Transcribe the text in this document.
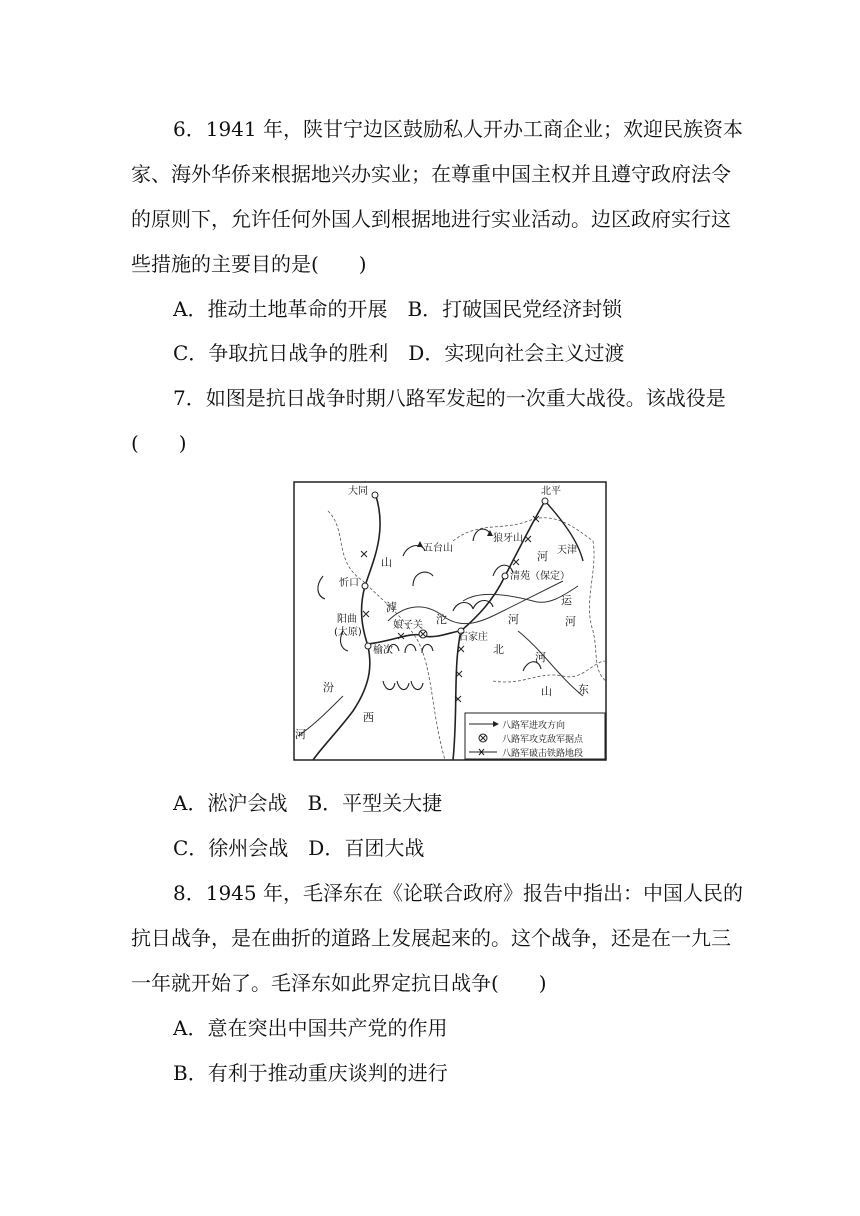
6．1941 年，陕甘宁边区鼓励私人开办工商企业；欢迎民族资本
家、海外华侨来根据地兴办实业；在尊重中国主权并且遵守政府法令
的原则下，允许任何外国人到根据地进行实业活动。边区政府实行这
些措施的主要目的是(　　)
A．推动土地革命的开展　B．打破国民党经济封锁
C．争取抗日战争的胜利　D．实现向社会主义过渡
7．如图是抗日战争时期八路军发起的一次重大战役。该战役是
(　　)
大同	北平
狼牙山
五台山	天津
清苑（保定）
忻口
阳曲
(太原)
娘子关
石家庄
榆次
山
西
河
北
河
山 东
滹
沱	河
运
河
汾
河
八路军进攻方向
八路军攻克敌军据点
八路军破击铁路地段
A．淞沪会战　B．平型关大捷
C．徐州会战　D．百团大战
8．1945 年，毛泽东在《论联合政府》报告中指出：中国人民的
抗日战争，是在曲折的道路上发展起来的。这个战争，还是在一九三
一年就开始了。毛泽东如此界定抗日战争(　　)
A．意在突出中国共产党的作用
B．有利于推动重庆谈判的进行
